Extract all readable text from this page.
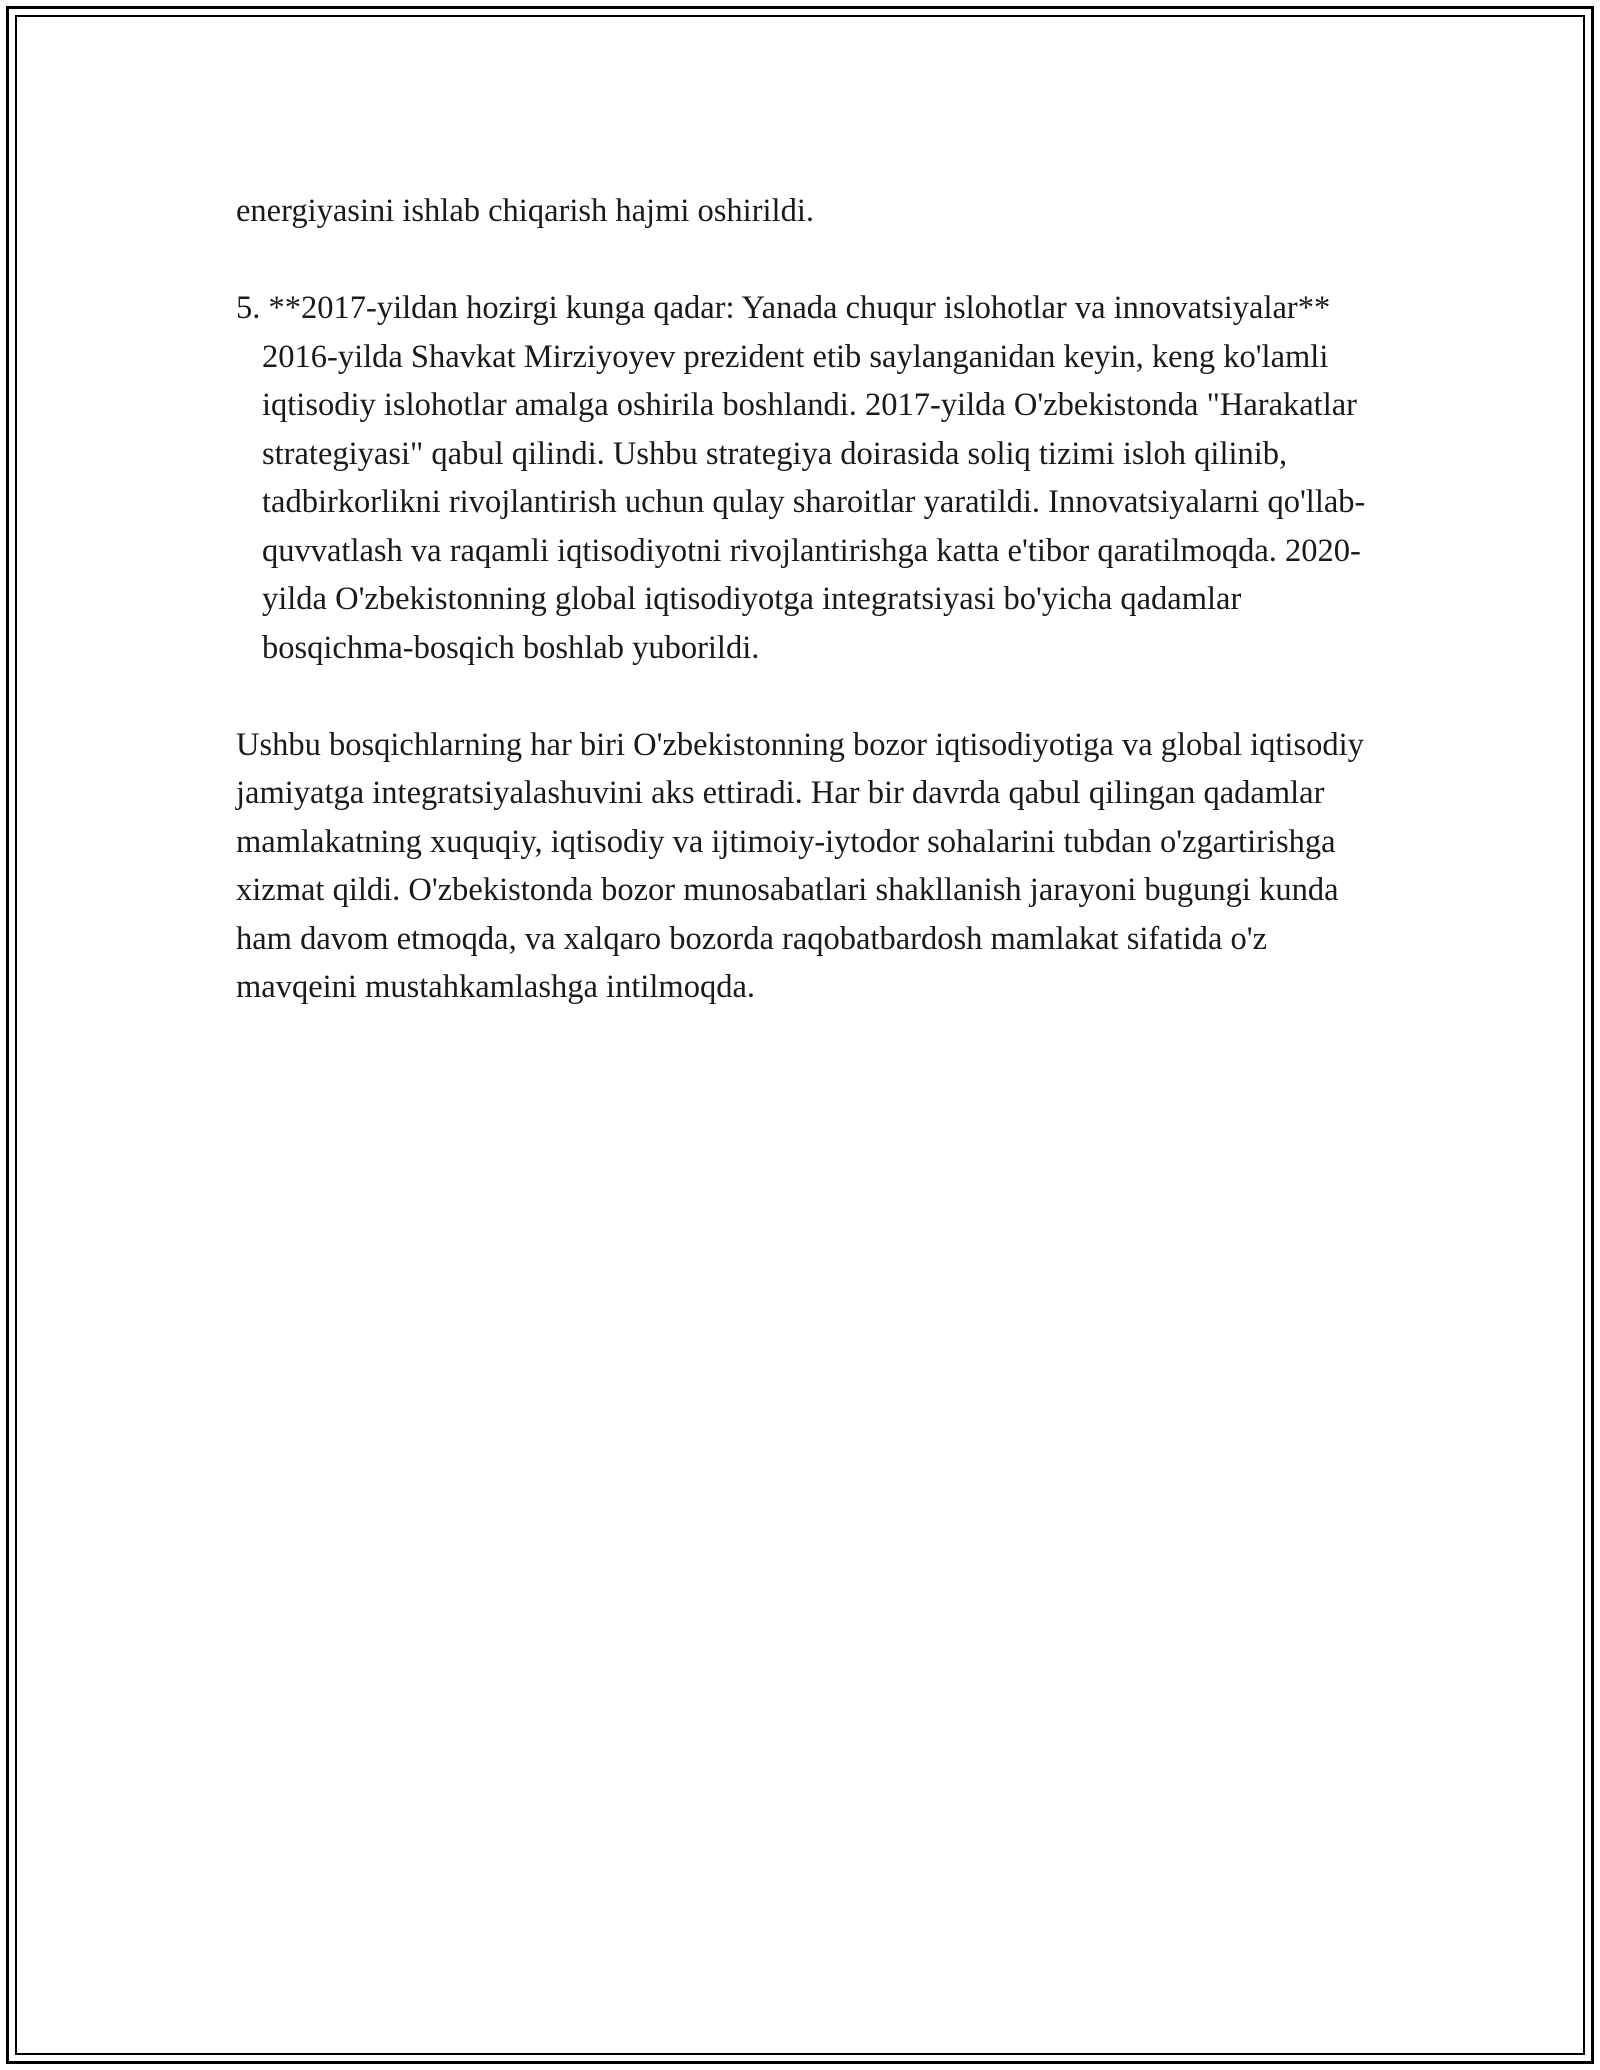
energiyasini ishlab chiqarish hajmi oshirildi.

5. **2017-yildan hozirgi kunga qadar: Yanada chuqur islohotlar va innovatsiyalar**

2016-yilda Shavkat Mirziyoyev prezident etib saylanganidan keyin, keng ko'lamli iqtisodiy islohotlar amalga oshirila boshlandi. 2017-yilda O'zbekistonda "Harakatlar strategiyasi" qabul qilindi. Ushbu strategiya doirasida soliq tizimi isloh qilinib, tadbirkorlikni rivojlantirish uchun qulay sharoitlar yaratildi. Innovatsiyalarni qo'llab-quvvatlash va raqamli iqtisodiyotni rivojlantirishga katta e'tibor qaratilmoqda. 2020-yilda O'zbekistonning global iqtisodiyotga integratsiyasi bo'yicha qadamlar bosqichma-bosqich boshlab yuborildi.

Ushbu bosqichlarning har biri O'zbekistonning bozor iqtisodiyotiga va global iqtisodiy jamiyatga integratsiyalashuvini aks ettiradi. Har bir davrda qabul qilingan qadamlar mamlakatning xuquqiy, iqtisodiy va ijtimoiy-iytodor sohalarini tubdan o'zgartirishga xizmat qildi. O'zbekistonda bozor munosabatlari shakllanish jarayoni bugungi kunda ham davom etmoqda, va xalqaro bozorda raqobatbardosh mamlakat sifatida o'z mavqeini mustahkamlashga intilmoqda.
